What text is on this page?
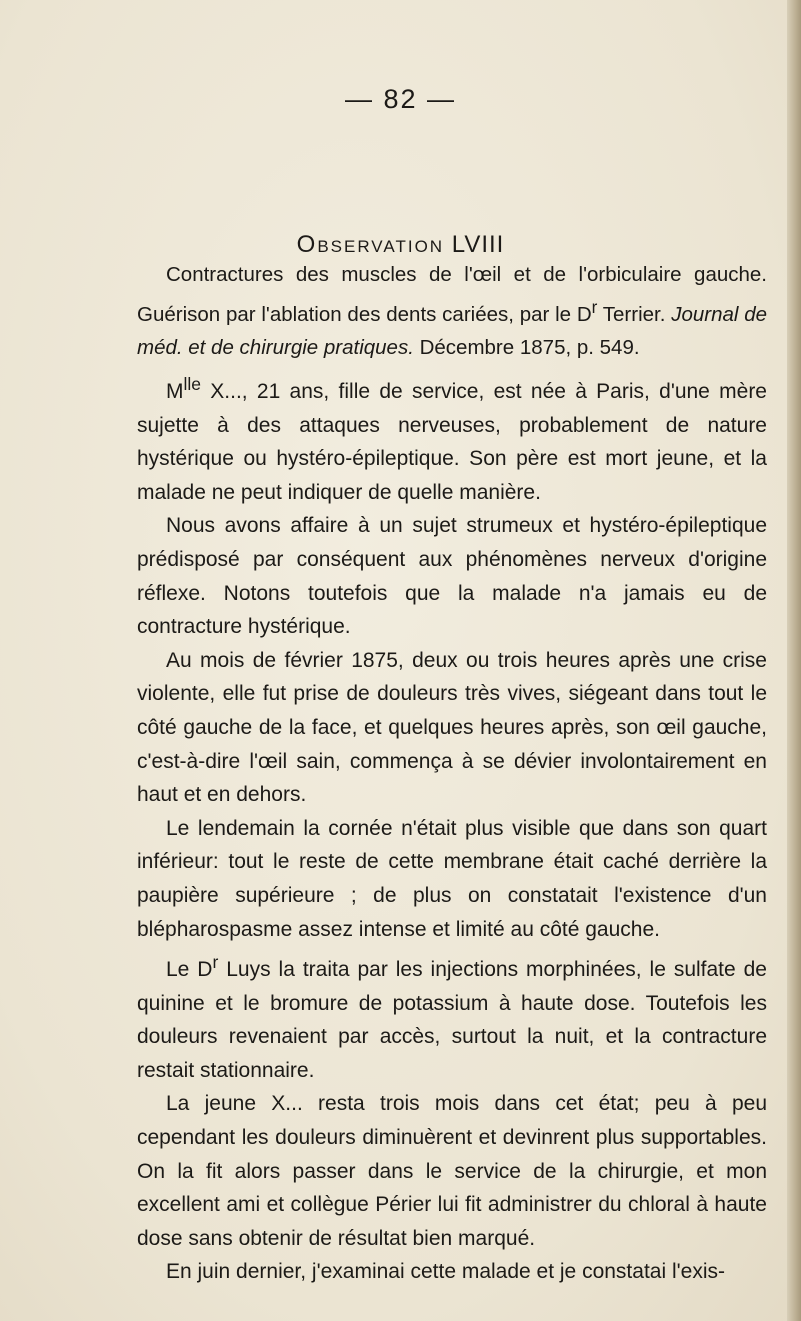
— 82 —
Observation LVIII
Contractures des muscles de l'œil et de l'orbiculaire gauche. Guérison par l'ablation des dents cariées, par le $D^r$ Terrier. Journal de méd. et de chirurgie pratiques. Décembre 1875, p. 549.

$M^{lle}$ X..., 21 ans, fille de service, est née à Paris, d'une mère sujette à des attaques nerveuses, probablement de nature hystérique ou hystéro-épileptique. Son père est mort jeune, et la malade ne peut indiquer de quelle manière.

Nous avons affaire à un sujet strumeux et hystéro-épileptique prédisposé par conséquent aux phénomènes nerveux d'origine réflexe. Notons toutefois que la malade n'a jamais eu de contracture hystérique.

Au mois de février 1875, deux ou trois heures après une crise violente, elle fut prise de douleurs très vives, siégeant dans tout le côté gauche de la face, et quelques heures après, son œil gauche, c'est-à-dire l'œil sain, commença à se dévier involontairement en haut et en dehors.

Le lendemain la cornée n'était plus visible que dans son quart inférieur: tout le reste de cette membrane était caché derrière la paupière supérieure ; de plus on constatait l'existence d'un blépharospasme assez intense et limité au côté gauche.

Le $D^r$ Luys la traita par les injections morphinées, le sulfate de quinine et le bromure de potassium à haute dose. Toutefois les douleurs revenaient par accès, surtout la nuit, et la contracture restait stationnaire.

La jeune X... resta trois mois dans cet état; peu à peu cependant les douleurs diminuèrent et devinrent plus supportables. On la fit alors passer dans le service de la chirurgie, et mon excellent ami et collègue Périer lui fit administrer du chloral à haute dose sans obtenir de résultat bien marqué.

En juin dernier, j'examinai cette malade et je constatai l'exis-
